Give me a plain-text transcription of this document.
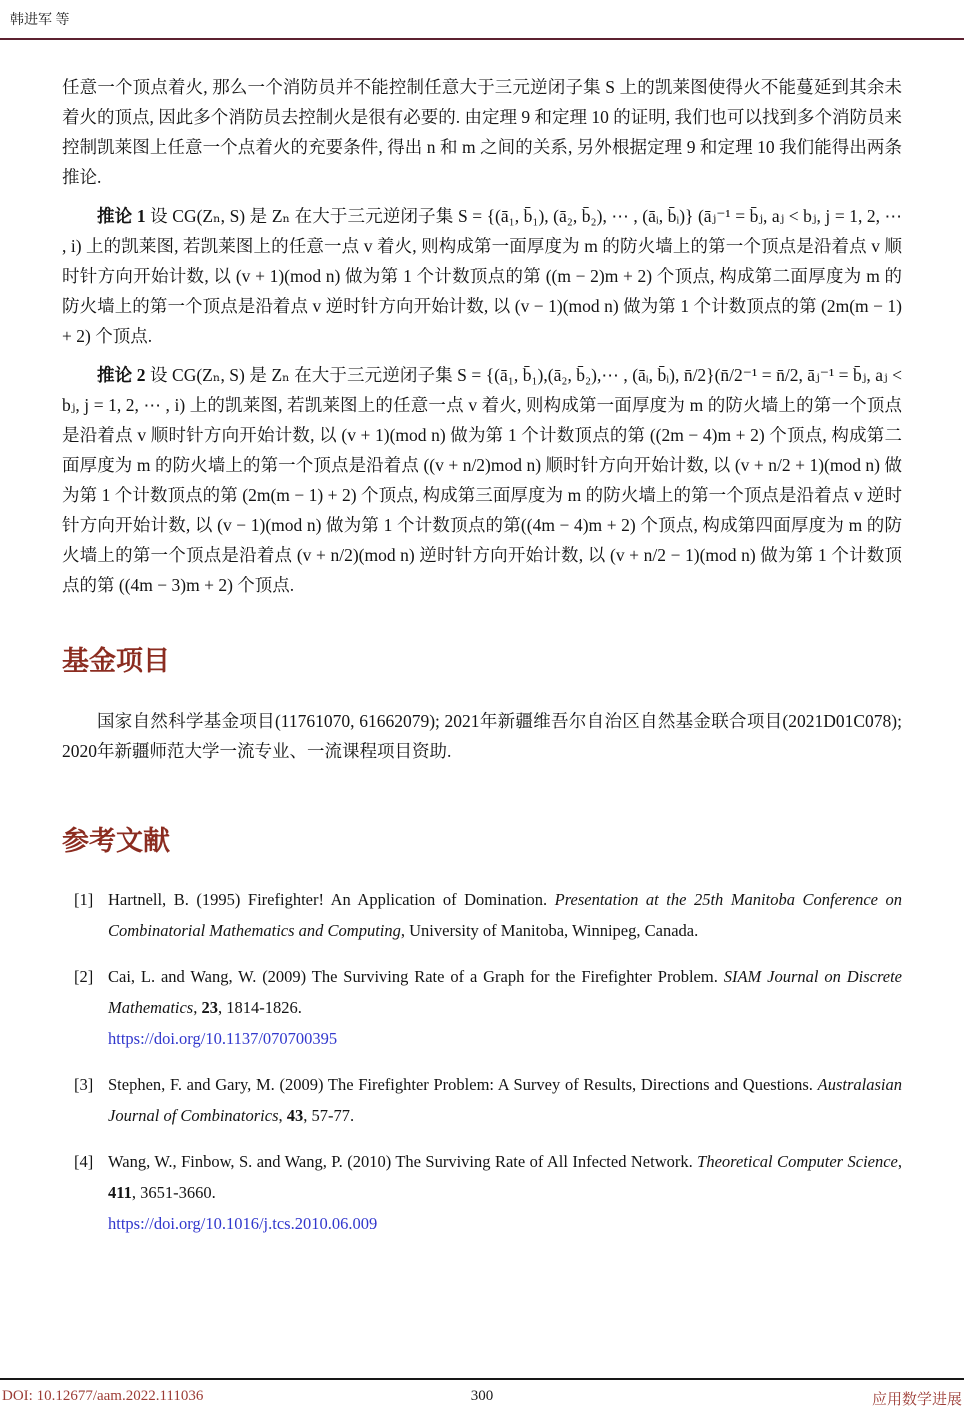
韩进军 等

任意一个顶点着火, 那么一个消防员并不能控制任意大于三元逆闭子集 S 上的凯莱图使得火不能蔓延到其余未着火的顶点, 因此多个消防员去控制火是很有必要的. 由定理 9 和定理 10 的证明, 我们也可以找到多个消防员来控制凯莱图上任意一个点着火的充要条件, 得出 n 和 m 之间的关系, 另外根据定理 9 和定理 10 我们能得出两条推论.

推论 1 设 CG(Zₙ, S) 是 Zₙ 在大于三元逆闭子集 S = {(ā₁, b̄₁), (ā₂, b̄₂), ⋯ , (āᵢ, b̄ᵢ)} (āⱼ⁻¹ = b̄ⱼ, aⱼ < bⱼ, j = 1, 2, ⋯ , i) 上的凯莱图, 若凯莱图上的任意一点 v 着火, 则构成第一面厚度为 m 的防火墙上的第一个顶点是沿着点 v 顺时针方向开始计数, 以 (v + 1)(mod n) 做为第 1 个计数顶点的第 ((m − 2)m + 2) 个顶点, 构成第二面厚度为 m 的防火墙上的第一个顶点是沿着点 v 逆时针方向开始计数, 以 (v − 1)(mod n) 做为第 1 个计数顶点的第 (2m(m − 1) + 2) 个顶点.

推论 2 设 CG(Zₙ, S) 是 Zₙ 在大于三元逆闭子集 S = {(ā₁, b̄₁),(ā₂, b̄₂),⋯ , (āᵢ, b̄ᵢ), n̄/2}(n̄/2⁻¹ = n̄/2, āⱼ⁻¹ = b̄ⱼ, aⱼ < bⱼ, j = 1, 2, ⋯ , i) 上的凯莱图, 若凯莱图上的任意一点 v 着火, 则构成第一面厚度为 m 的防火墙上的第一个顶点是沿着点 v 顺时针方向开始计数, 以 (v + 1)(mod n) 做为第 1 个计数顶点的第 ((2m − 4)m + 2) 个顶点, 构成第二面厚度为 m 的防火墙上的第一个顶点是沿着点 ((v + n/2)mod n) 顺时针方向开始计数, 以 (v + n/2 + 1)(mod n) 做为第 1 个计数顶点的第 (2m(m − 1) + 2) 个顶点, 构成第三面厚度为 m 的防火墙上的第一个顶点是沿着点 v 逆时针方向开始计数, 以 (v − 1)(mod n) 做为第 1 个计数顶点的第((4m − 4)m + 2) 个顶点, 构成第四面厚度为 m 的防火墙上的第一个顶点是沿着点 (v + n/2)(mod n) 逆时针方向开始计数, 以 (v + n/2 − 1)(mod n) 做为第 1 个计数顶点的第 ((4m − 3)m + 2) 个顶点.

基金项目

国家自然科学基金项目(11761070, 61662079); 2021年新疆维吾尔自治区自然基金联合项目(2021D01C078); 2020年新疆师范大学一流专业、一流课程项目资助.

参考文献
[1] Hartnell, B. (1995) Firefighter! An Application of Domination. Presentation at the 25th Manitoba Conference on Combinatorial Mathematics and Computing, University of Manitoba, Winnipeg, Canada.
[2] Cai, L. and Wang, W. (2009) The Surviving Rate of a Graph for the Firefighter Problem. SIAM Journal on Discrete Mathematics, 23, 1814-1826.
https://doi.org/10.1137/070700395
[3] Stephen, F. and Gary, M. (2009) The Firefighter Problem: A Survey of Results, Directions and Questions. Australasian Journal of Combinatorics, 43, 57-77.
[4] Wang, W., Finbow, S. and Wang, P. (2010) The Surviving Rate of All Infected Network. Theoretical Computer Science, 411, 3651-3660.
https://doi.org/10.1016/j.tcs.2010.06.009
DOI: 10.12677/aam.2022.111036	300	应用数学进展
